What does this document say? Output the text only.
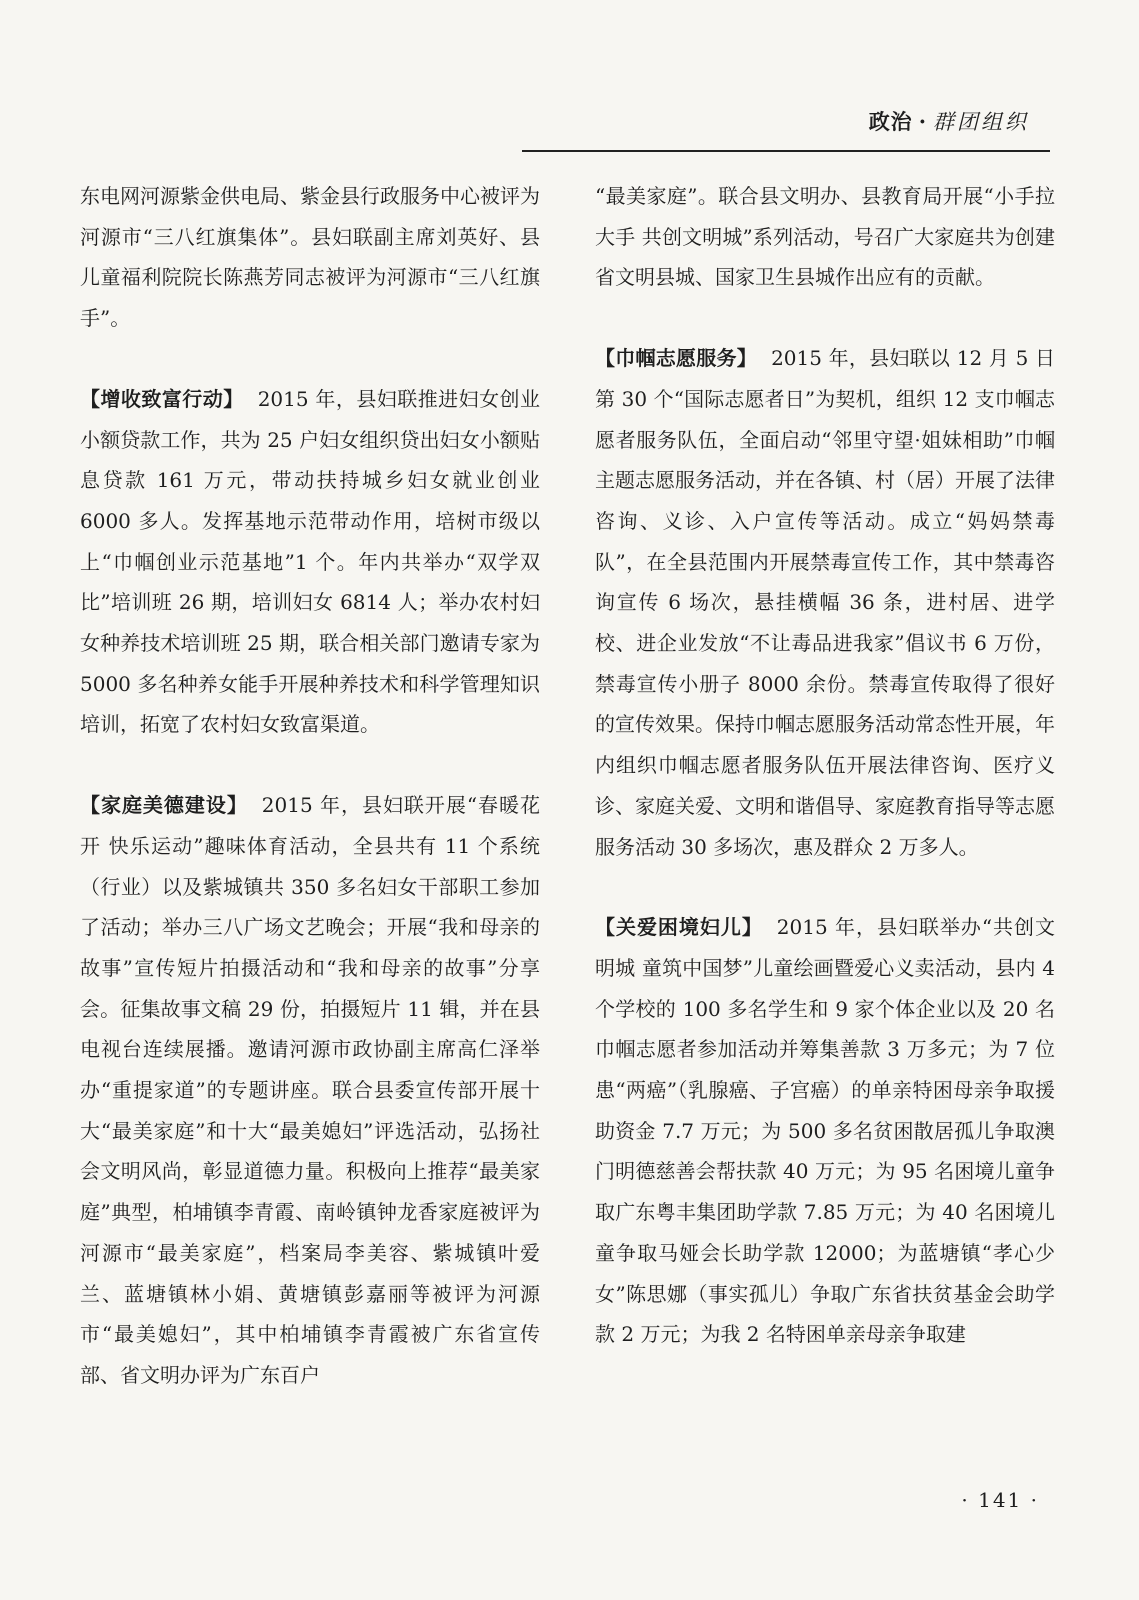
政治 · 群团组织

东电网河源紫金供电局、紫金县行政服务中心被评为河源市“三八红旗集体”。县妇联副主席刘英好、县儿童福利院院长陈燕芳同志被评为河源市“三八红旗手”。

【增收致富行动】 2015 年，县妇联推进妇女创业小额贷款工作，共为 25 户妇女组织贷出妇女小额贴息贷款 161 万元，带动扶持城乡妇女就业创业 6000 多人。发挥基地示范带动作用，培树市级以上“巾帼创业示范基地”1 个。年内共举办“双学双比”培训班 26 期，培训妇女 6814 人；举办农村妇女种养技术培训班 25 期，联合相关部门邀请专家为 5000 多名种养女能手开展种养技术和科学管理知识培训，拓宽了农村妇女致富渠道。

【家庭美德建设】 2015 年，县妇联开展“春暖花开 快乐运动”趣味体育活动，全县共有 11 个系统（行业）以及紫城镇共 350 多名妇女干部职工参加了活动；举办三八广场文艺晚会；开展“我和母亲的故事”宣传短片拍摄活动和“我和母亲的故事”分享会。征集故事文稿 29 份，拍摄短片 11 辑，并在县电视台连续展播。邀请河源市政协副主席高仁泽举办“重提家道”的专题讲座。联合县委宣传部开展十大“最美家庭”和十大“最美媳妇”评选活动，弘扬社会文明风尚，彰显道德力量。积极向上推荐“最美家庭”典型，柏埔镇李青霞、南岭镇钟龙香家庭被评为河源市“最美家庭”，档案局李美容、紫城镇叶爱兰、蓝塘镇林小娟、黄塘镇彭嘉丽等被评为河源市“最美媳妇”，其中柏埔镇李青霞被广东省宣传部、省文明办评为广东百户

“最美家庭”。联合县文明办、县教育局开展“小手拉大手 共创文明城”系列活动，号召广大家庭共为创建省文明县城、国家卫生县城作出应有的贡献。

【巾帼志愿服务】 2015 年，县妇联以 12 月 5 日第 30 个“国际志愿者日”为契机，组织 12 支巾帼志愿者服务队伍，全面启动“邻里守望·姐妹相助”巾帼主题志愿服务活动，并在各镇、村（居）开展了法律咨询、义诊、入户宣传等活动。成立“妈妈禁毒队”，在全县范围内开展禁毒宣传工作，其中禁毒咨询宣传 6 场次，悬挂横幅 36 条，进村居、进学校、进企业发放“不让毒品进我家”倡议书 6 万份，禁毒宣传小册子 8000 余份。禁毒宣传取得了很好的宣传效果。保持巾帼志愿服务活动常态性开展，年内组织巾帼志愿者服务队伍开展法律咨询、医疗义诊、家庭关爱、文明和谐倡导、家庭教育指导等志愿服务活动 30 多场次，惠及群众 2 万多人。

【关爱困境妇儿】 2015 年，县妇联举办“共创文明城 童筑中国梦”儿童绘画暨爱心义卖活动，县内 4 个学校的 100 多名学生和 9 家个体企业以及 20 名巾帼志愿者参加活动并筹集善款 3 万多元；为 7 位患“两癌”（乳腺癌、子宫癌）的单亲特困母亲争取援助资金 7.7 万元；为 500 多名贫困散居孤儿争取澳门明德慈善会帮扶款 40 万元；为 95 名困境儿童争取广东粤丰集团助学款 7.85 万元；为 40 名困境儿童争取马娅会长助学款 12000；为蓝塘镇“孝心少女”陈思娜（事实孤儿）争取广东省扶贫基金会助学款 2 万元；为我 2 名特困单亲母亲争取建

· 141 ·
